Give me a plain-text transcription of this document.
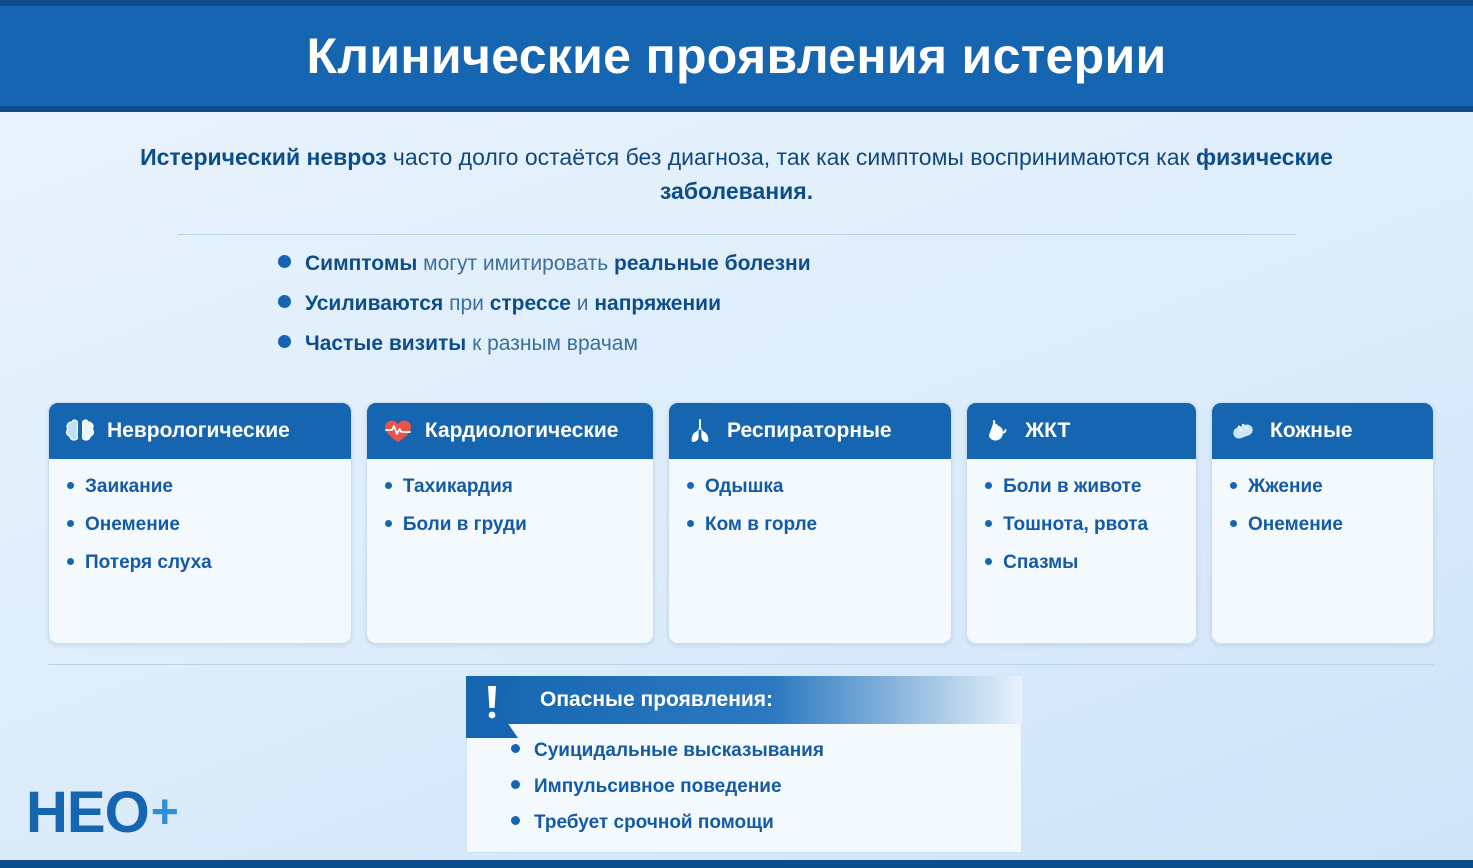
Клинические проявления истерии
Истерический невроз часто долго остаётся без диагноза, так как симптомы воспринимаются как физические заболевания.
Симптомы могут имитировать реальные болезни
Усиливаются при стрессе и напряжении
Частые визиты к разным врачам
Неврологические
Заикание
Онемение
Потеря слуха
Кардиологические
Тахикардия
Боли в груди
Респираторные
Одышка
Ком в горле
ЖКТ
Боли в животе
Тошнота, рвота
Спазмы
Кожные
Жжение
Онемение
Опасные проявления:
Суицидальные высказывания
Импульсивное поведение
Требует срочной помощи
HEO +
